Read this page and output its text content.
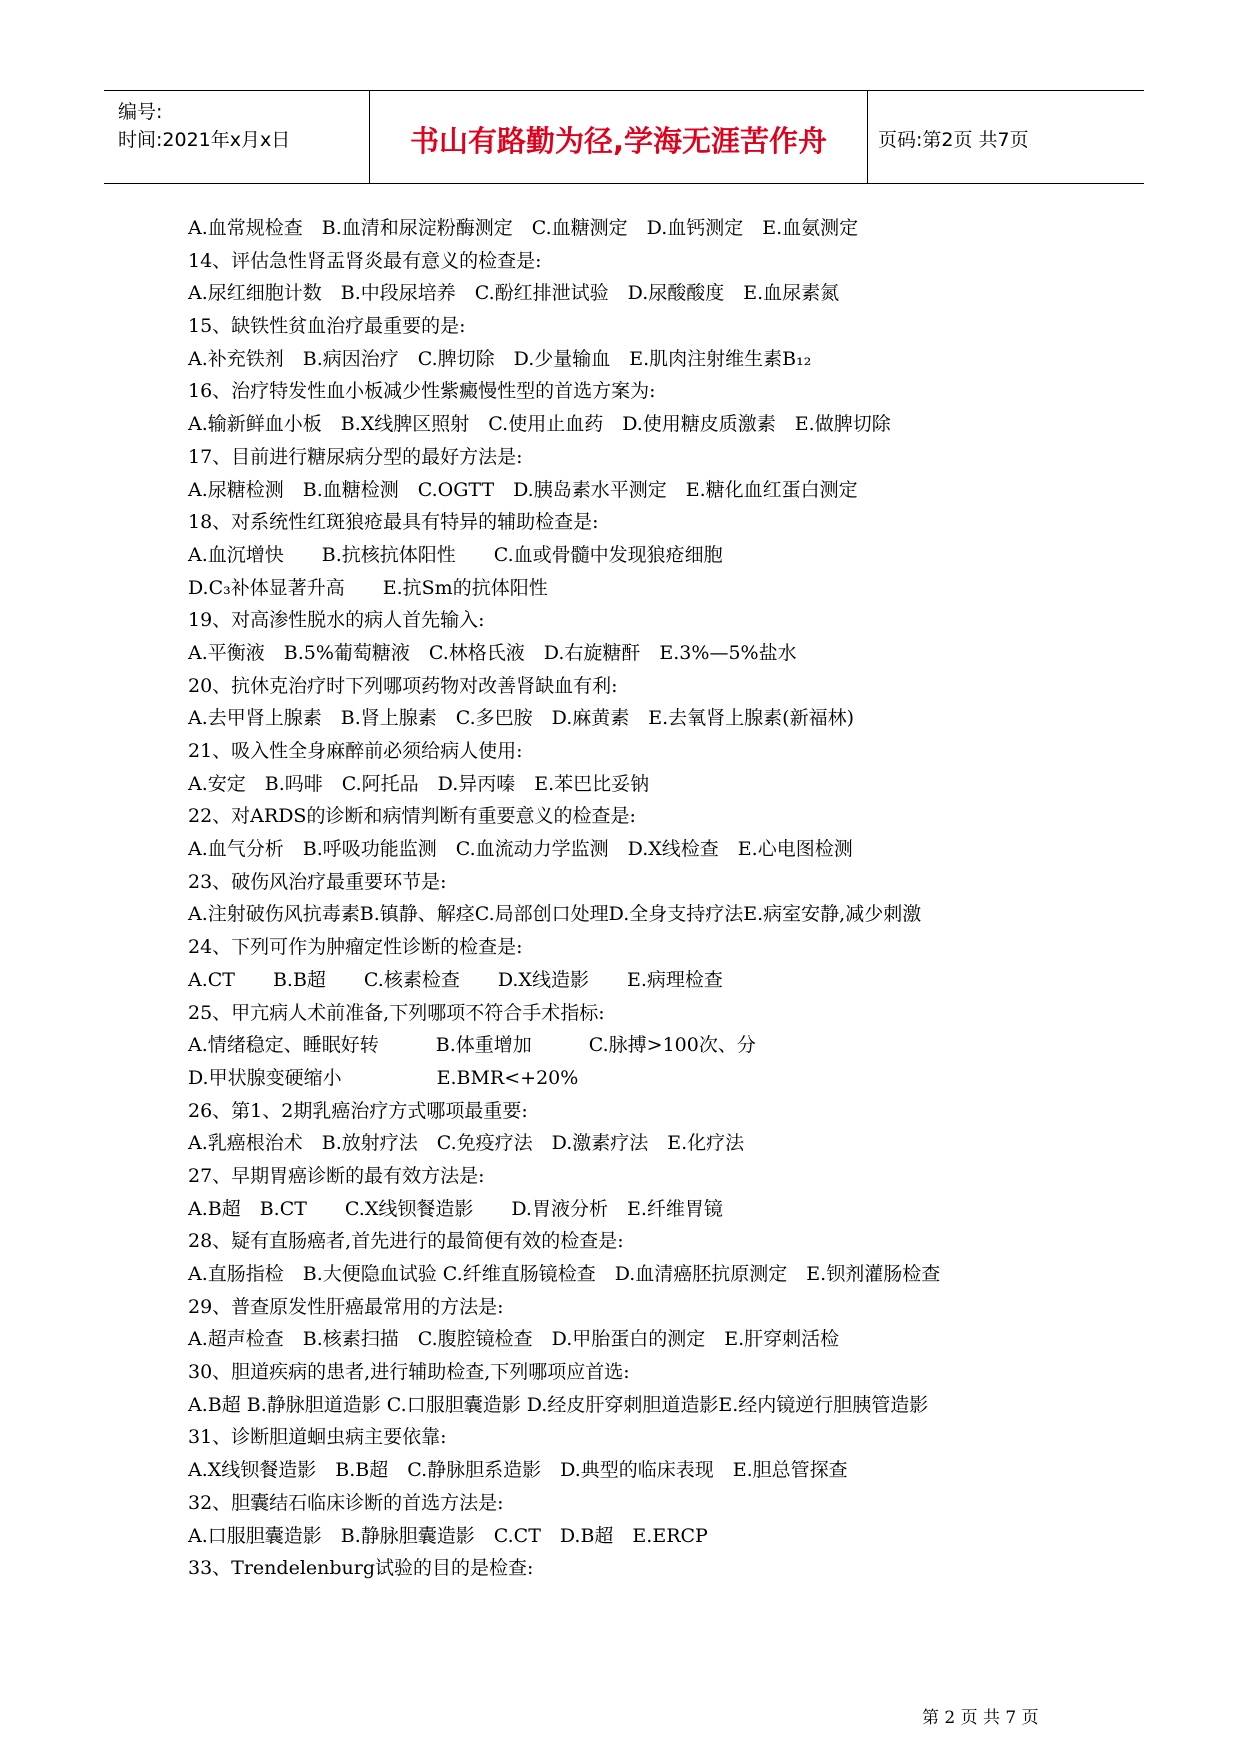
编号:
时间:2021年x月x日	书山有路勤为径,学海无涯苦作舟	页码:第2页 共7页
A.血常规检查　B.血清和尿淀粉酶测定　C.血糖测定　D.血钙测定　E.血氨测定
14、评估急性肾盂肾炎最有意义的检查是:
A.尿红细胞计数　B.中段尿培养　C.酚红排泄试验　D.尿酸酸度　E.血尿素氮
15、缺铁性贫血治疗最重要的是:
A.补充铁剂　B.病因治疗　C.脾切除　D.少量输血　E.肌肉注射维生素B₁₂
16、治疗特发性血小板减少性紫癜慢性型的首选方案为:
A.输新鲜血小板　B.X线脾区照射　C.使用止血药　D.使用糖皮质激素　E.做脾切除
17、目前进行糖尿病分型的最好方法是:
A.尿糖检测　B.血糖检测　C.OGTT　D.胰岛素水平测定　E.糖化血红蛋白测定
18、对系统性红斑狼疮最具有特异的辅助检查是:
A.血沉增快　　B.抗核抗体阳性　　C.血或骨髓中发现狼疮细胞
D.C₃补体显著升高　　E.抗Sm的抗体阳性
19、对高渗性脱水的病人首先输入:
A.平衡液　B.5%葡萄糖液　C.林格氏液　D.右旋糖酐　E.3%—5%盐水
20、抗休克治疗时下列哪项药物对改善肾缺血有利:
A.去甲肾上腺素　B.肾上腺素　C.多巴胺　D.麻黄素　E.去氧肾上腺素(新福林)
21、吸入性全身麻醉前必须给病人使用:
A.安定　B.吗啡　C.阿托品　D.异丙嗪　E.苯巴比妥钠
22、对ARDS的诊断和病情判断有重要意义的检查是:
A.血气分析　B.呼吸功能监测　C.血流动力学监测　D.X线检查　E.心电图检测
23、破伤风治疗最重要环节是:
A.注射破伤风抗毒素B.镇静、解痉C.局部创口处理D.全身支持疗法E.病室安静,减少刺激
24、下列可作为肿瘤定性诊断的检查是:
A.CT　　B.B超　　C.核素检查　　D.X线造影　　E.病理检查
25、甲亢病人术前准备,下列哪项不符合手术指标:
A.情绪稳定、睡眠好转　　　B.体重增加　　　C.脉搏>100次、分
D.甲状腺变硬缩小　　　　　E.BMR<+20%
26、第1、2期乳癌治疗方式哪项最重要:
A.乳癌根治术　B.放射疗法　C.免疫疗法　D.激素疗法　E.化疗法
27、早期胃癌诊断的最有效方法是:
A.B超　B.CT　　C.X线钡餐造影　　D.胃液分析　E.纤维胃镜
28、疑有直肠癌者,首先进行的最简便有效的检查是:
A.直肠指检　B.大便隐血试验 C.纤维直肠镜检查　D.血清癌胚抗原测定　E.钡剂灌肠检查
29、普查原发性肝癌最常用的方法是:
A.超声检查　B.核素扫描　C.腹腔镜检查　D.甲胎蛋白的测定　E.肝穿刺活检
30、胆道疾病的患者,进行辅助检查,下列哪项应首选:
A.B超 B.静脉胆道造影 C.口服胆囊造影 D.经皮肝穿刺胆道造影E.经内镜逆行胆胰管造影
31、诊断胆道蛔虫病主要依靠:
A.X线钡餐造影　B.B超　C.静脉胆系造影　D.典型的临床表现　E.胆总管探查
32、胆囊结石临床诊断的首选方法是:
A.口服胆囊造影　B.静脉胆囊造影　C.CT　D.B超　E.ERCP
33、Trendelenburg试验的目的是检查:
第 2 页 共 7 页
